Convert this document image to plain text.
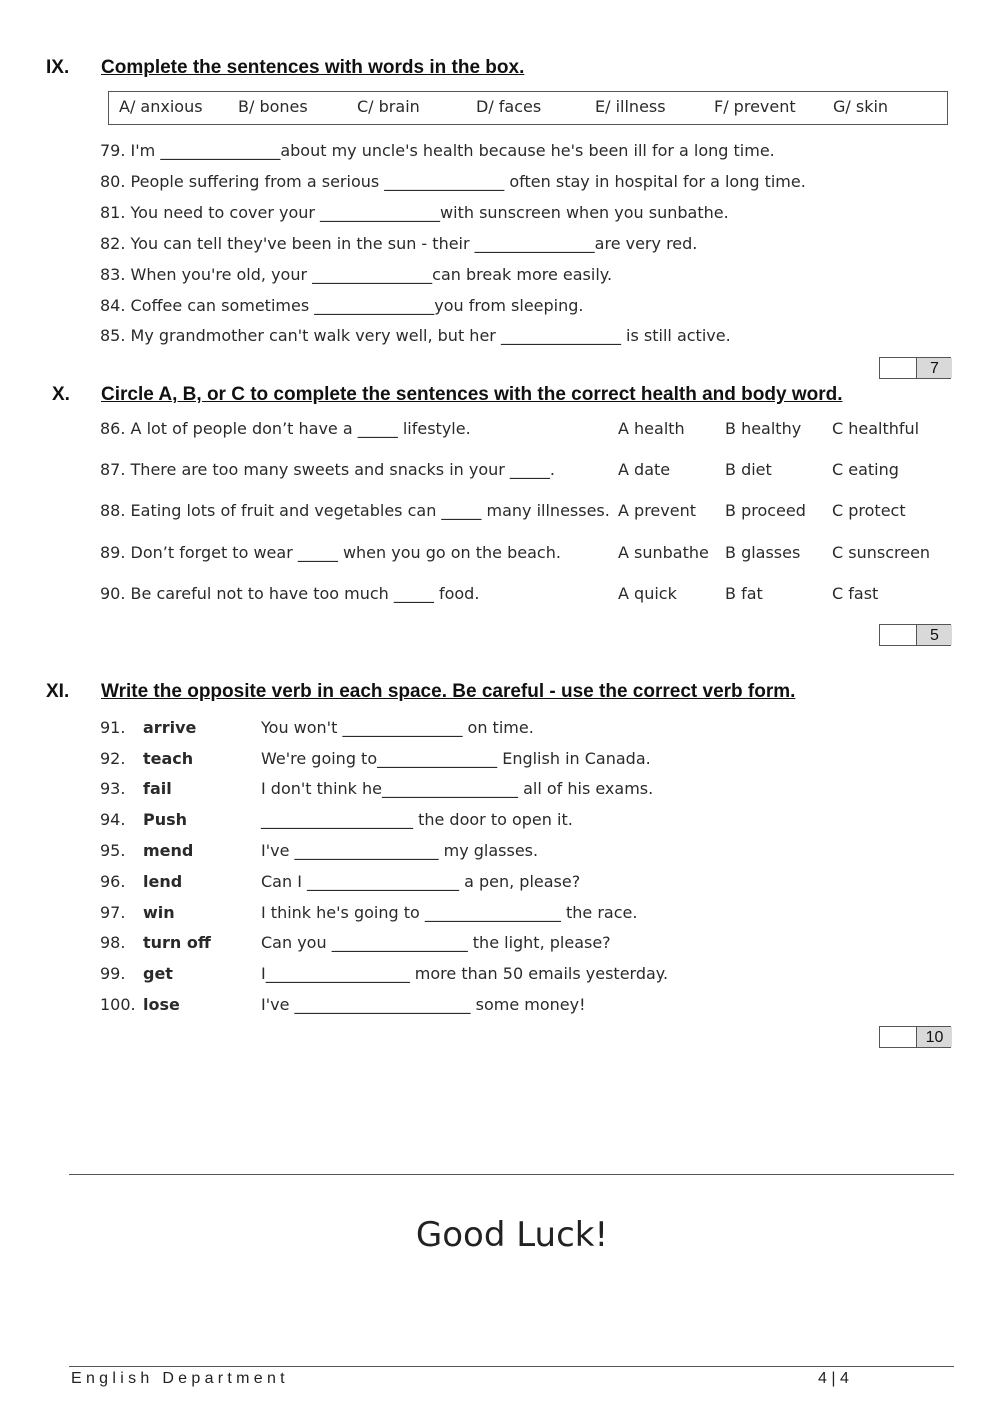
IX. Complete the sentences with words in the box.
A/ anxious B/ bones	C/ brain	D/ faces	E/ illness	F/ prevent G/ skin
79. I'm _______________about my uncle's health because he's been ill for a long time.
80. People suffering from a serious _______________ often stay in hospital for a long time.
81. You need to cover your _______________with sunscreen when you sunbathe.
82. You can tell they've been in the sun - their _______________are very red.
83. When you're old, your _______________can break more easily.
84. Coffee can sometimes _______________you from sleeping.
85. My grandmother can't walk very well, but her _______________ is still active.
7
X. Circle A, B, or C to complete the sentences with the correct health and body word.
86. A lot of people don’t have a _____ lifestyle.	A health	B healthy C healthful
87. There are too many sweets and snacks in your _____.	A date	B diet	C eating
88. Eating lots of fruit and vegetables can _____ many illnesses. A prevent B proceed C protect
89. Don’t forget to wear _____ when you go on the beach.	A sunbathe B glasses C sunscreen
90. Be careful not to have too much _____ food.	A quick	B fat	C fast
5
XI. Write the opposite verb in each space. Be careful - use the correct verb form.
91. arrive	You won't _______________ on time.
92. teach	We're going to_______________ English in Canada.
93. fail	I don't think he_________________ all of his exams.
94. Push	___________________ the door to open it.
95. mend	I've __________________ my glasses.
96. lend	Can I ___________________ a pen, please?
97. win	I think he's going to _________________ the race.
98. turn off	Can you _________________ the light, please?
99. get	I__________________ more than 50 emails yesterday.
100. lose	I've ______________________ some money!
10
Good Luck!
English Department	4 | 4
